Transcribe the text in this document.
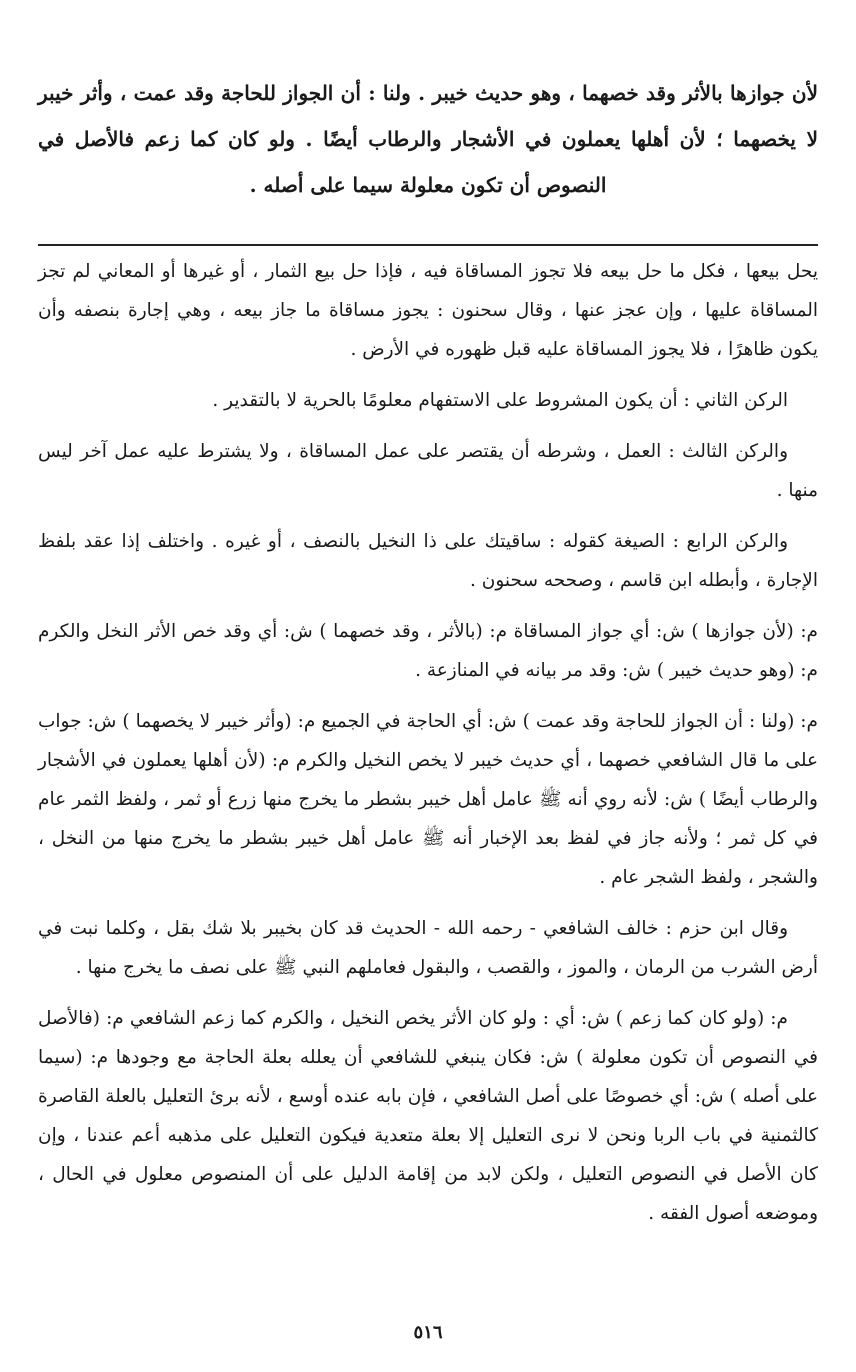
لأن جوازها بالأثر وقد خصهما ، وهو حديث خيبر . ولنا : أن الجواز للحاجة وقد عمت ، وأثر خيبر لا يخصهما ؛ لأن أهلها يعملون في الأشجار والرطاب أيضًا . ولو كان كما زعم فالأصل في النصوص أن تكون معلولة سيما على أصله .

يحل بيعها ، فكل ما حل بيعه فلا تجوز المساقاة فيه ، فإذا حل بيع الثمار ، أو غيرها أو المعاني لم تجز المساقاة عليها ، وإن عجز عنها ، وقال سحنون : يجوز مساقاة ما جاز بيعه ، وهي إجارة بنصفه وأن يكون ظاهرًا ، فلا يجوز المساقاة عليه قبل ظهوره في الأرض .

الركن الثاني : أن يكون المشروط على الاستفهام معلومًا بالحرية لا بالتقدير .

والركن الثالث : العمل ، وشرطه أن يقتصر على عمل المساقاة ، ولا يشترط عليه عمل آخر ليس منها .

والركن الرابع : الصيغة كقوله : ساقيتك على ذا النخيل بالنصف ، أو غيره . واختلف إذا عقد بلفظ الإجارة ، وأبطله ابن قاسم ، وصححه سحنون .

م: (لأن جوازها ) ش: أي جواز المساقاة م: (بالأثر ، وقد خصهما ) ش: أي وقد خص الأثر النخل والكرم م: (وهو حديث خيبر ) ش: وقد مر بيانه في المنازعة .

م: (ولنا : أن الجواز للحاجة وقد عمت ) ش: أي الحاجة في الجميع م: (وأثر خيبر لا يخصهما ) ش: جواب على ما قال الشافعي خصهما ، أي حديث خيبر لا يخص النخيل والكرم م: (لأن أهلها يعملون في الأشجار والرطاب أيضًا ) ش: لأنه روي أنه ﷺ عامل أهل خيبر بشطر ما يخرج منها زرع أو ثمر ، ولفظ الثمر عام في كل ثمر ؛ ولأنه جاز في لفظ بعد الإخبار أنه ﷺ عامل أهل خيبر بشطر ما يخرج منها من النخل ، والشجر ، ولفظ الشجر عام .

وقال ابن حزم : خالف الشافعي - رحمه الله - الحديث قد كان بخيبر بلا شك بقل ، وكلما نبت في أرض الشرب من الرمان ، والموز ، والقصب ، والبقول فعاملهم النبي ﷺ على نصف ما يخرج منها .

م: (ولو كان كما زعم ) ش: أي : ولو كان الأثر يخص النخيل ، والكرم كما زعم الشافعي م: (فالأصل في النصوص أن تكون معلولة ) ش: فكان ينبغي للشافعي أن يعلله بعلة الحاجة مع وجودها م: (سيما على أصله ) ش: أي خصوصًا على أصل الشافعي ، فإن بابه عنده أوسع ، لأنه برئ التعليل بالعلة القاصرة كالثمنية في باب الربا ونحن لا نرى التعليل إلا بعلة متعدية فيكون التعليل على مذهبه أعم عندنا ، وإن كان الأصل في النصوص التعليل ، ولكن لابد من إقامة الدليل على أن المنصوص معلول في الحال ، وموضعه أصول الفقه .

٥١٦
